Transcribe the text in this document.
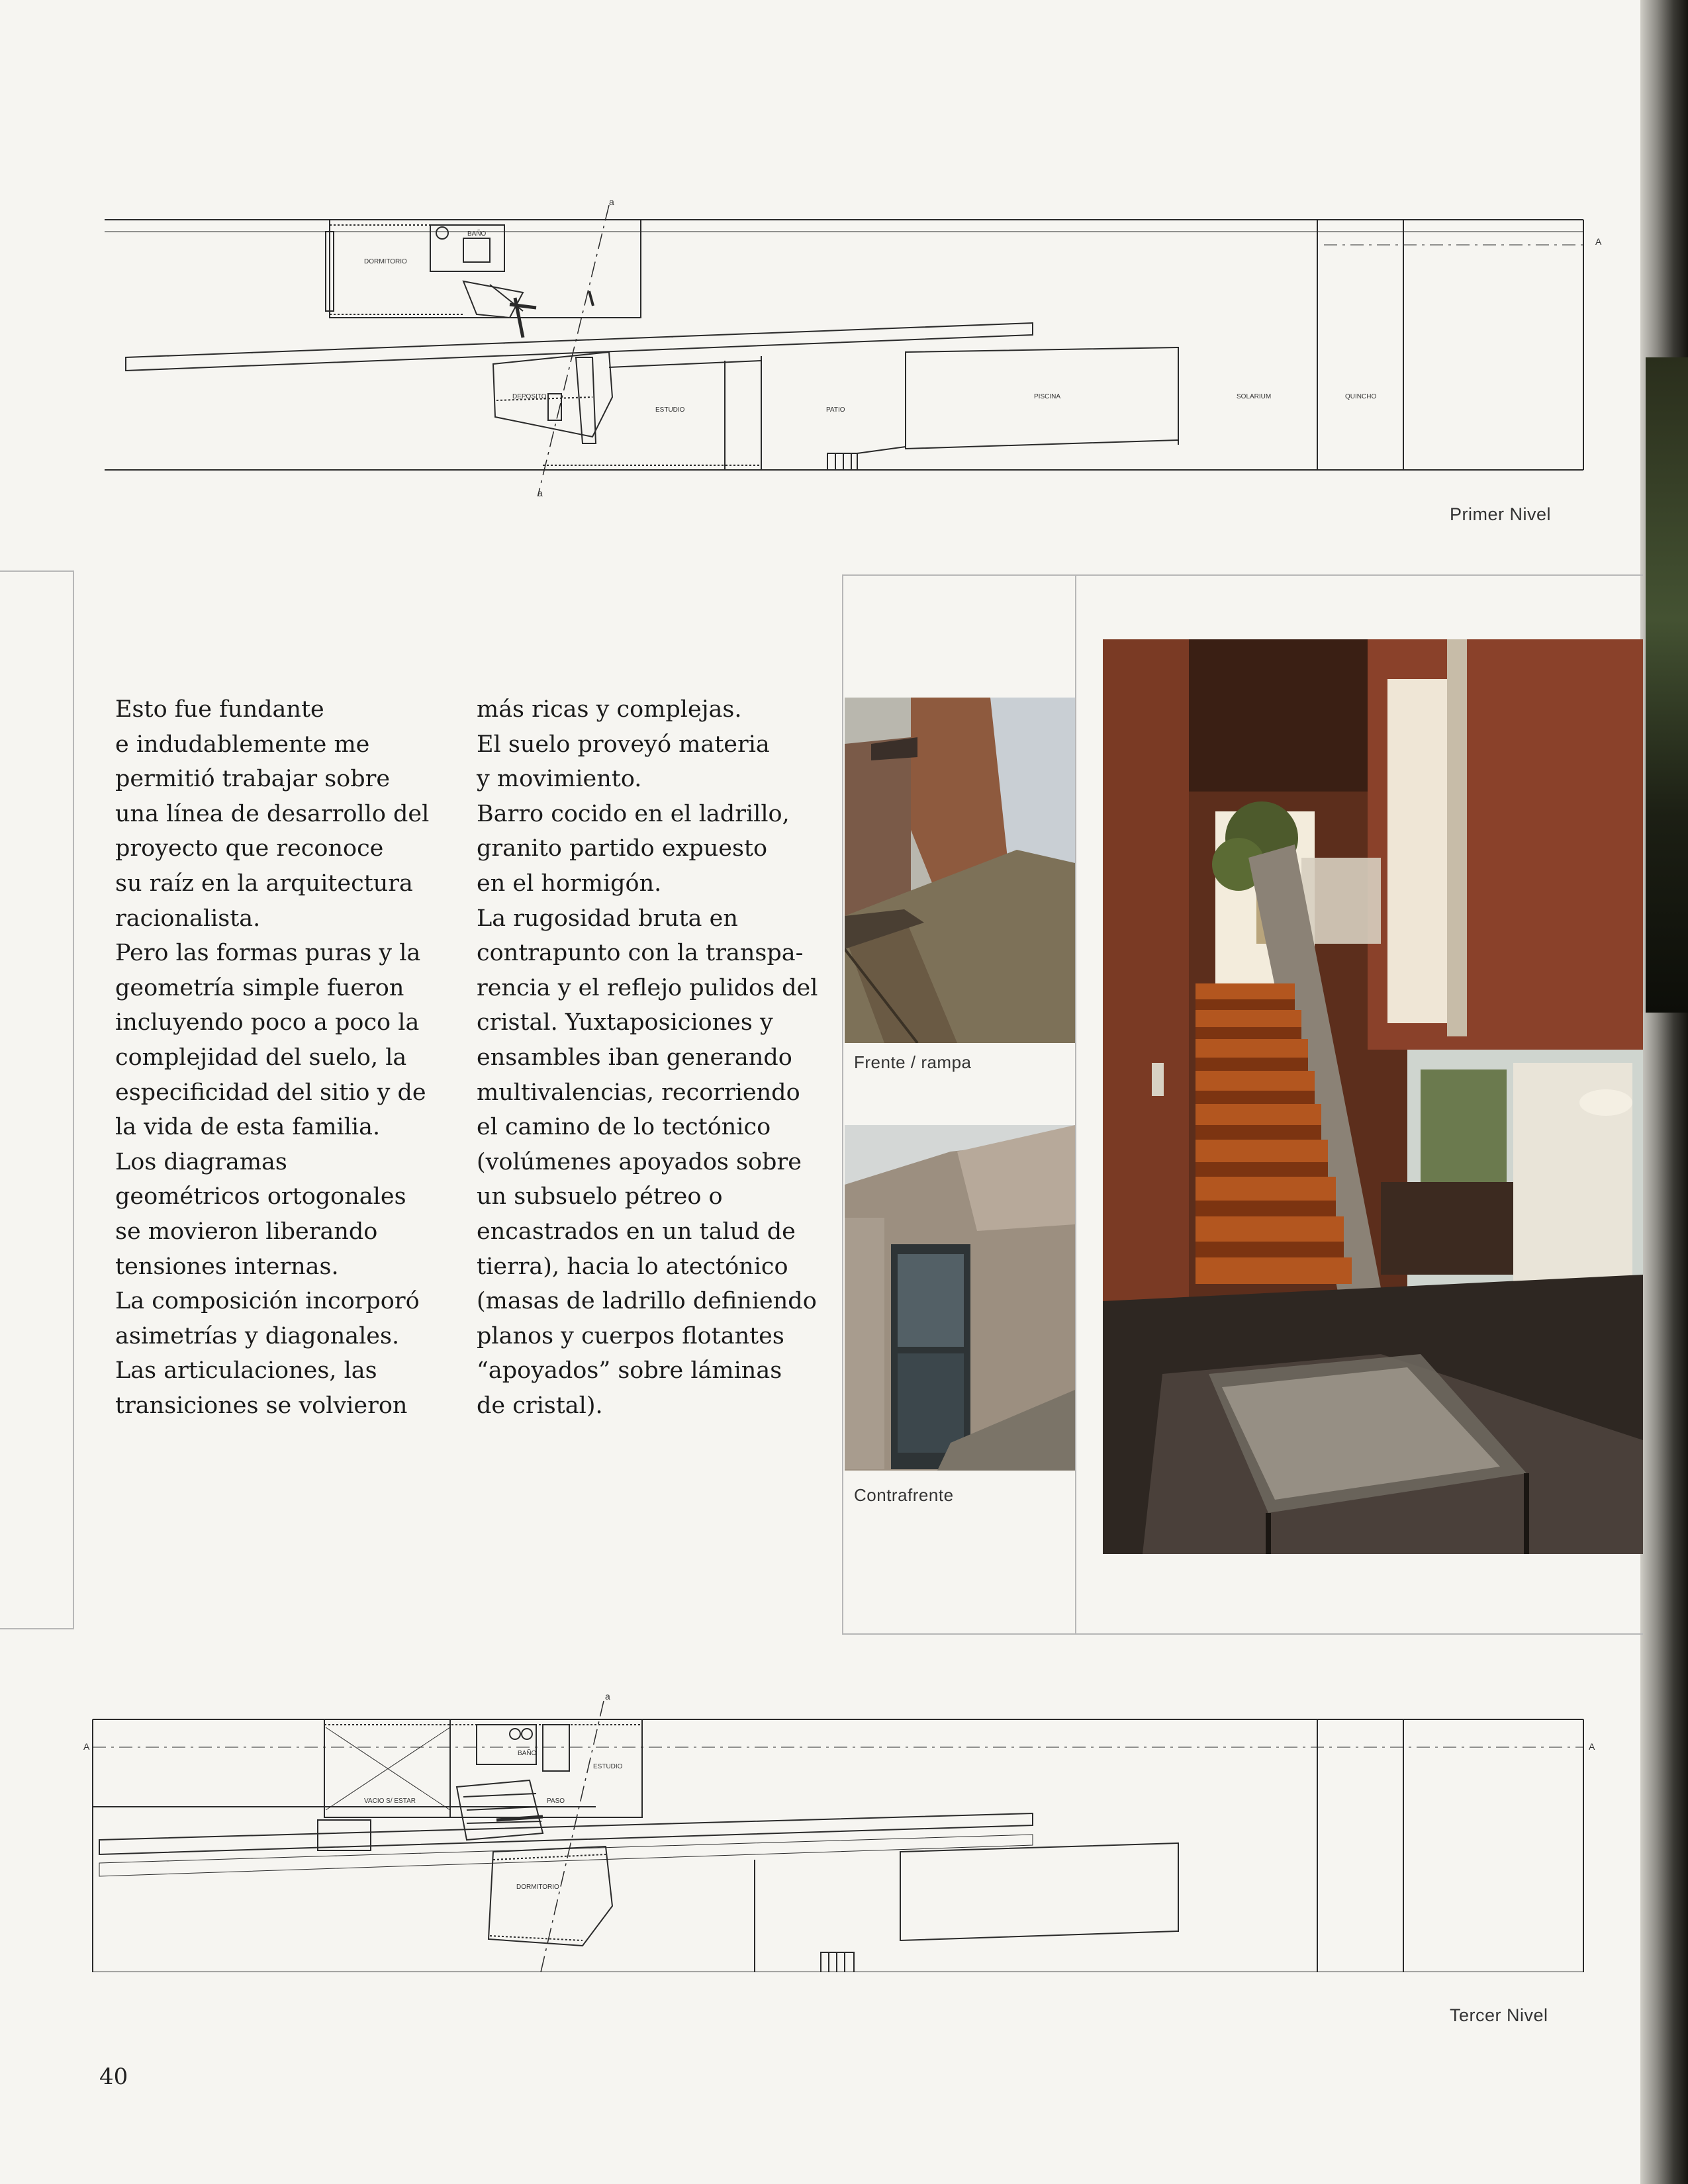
a
a
A
DORMITORIO
BAÑO
DEPOSITO
ESTUDIO	PATIO
PISCINA	SOLARIUM	QUINCHO
Primer Nivel
Esto fue fundante
e indudablemente me
permitió trabajar sobre
una línea de desarrollo del
proyecto que reconoce
su raíz en la arquitectura
racionalista.
Pero las formas puras y la
geometría simple fueron
incluyendo poco a poco la
complejidad del suelo, la
especificidad del sitio y de
la vida de esta familia.
Los diagramas
geométricos ortogonales
se movieron liberando
tensiones internas.
La composición incorporó
asimetrías y diagonales.
Las articulaciones, las
transiciones se volvieron
más ricas y complejas.
El suelo proveyó materia
y movimiento.
Barro cocido en el ladrillo,
granito partido expuesto
en el hormigón.
La rugosidad bruta en
contrapunto con la transpa-
rencia y el reflejo pulidos del
cristal. Yuxtaposiciones y
ensambles iban generando
multivalencias, recorriendo
el camino de lo tectónico
(volúmenes apoyados sobre
un subsuelo pétreo o
encastrados en un talud de
tierra), hacia lo atectónico
(masas de ladrillo definiendo
planos y cuerpos flotantes
“apoyados” sobre láminas
de cristal).
Frente / rampa
Contrafrente
a
A	A
VACIO S/ ESTAR
BAÑO
ESTUDIO
PASO
DORMITORIO
Tercer Nivel
40
